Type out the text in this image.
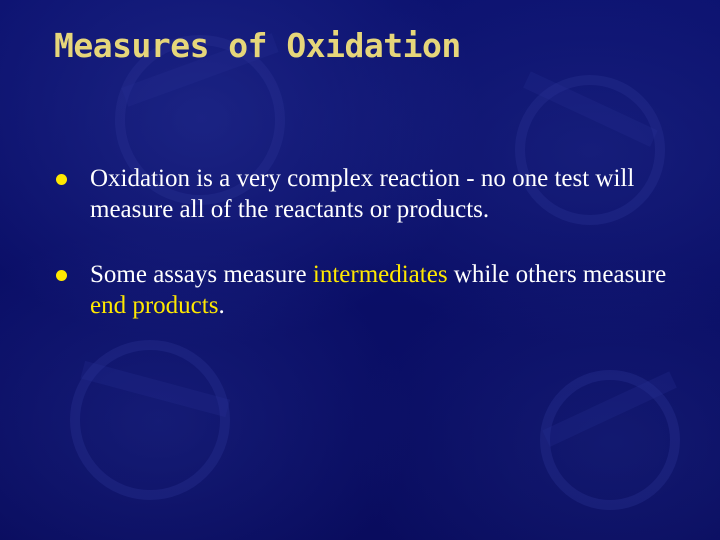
Measures of Oxidation
Oxidation is a very complex reaction - no one test will measure all of the reactants or products.
Some assays measure intermediates while others measure end products.
